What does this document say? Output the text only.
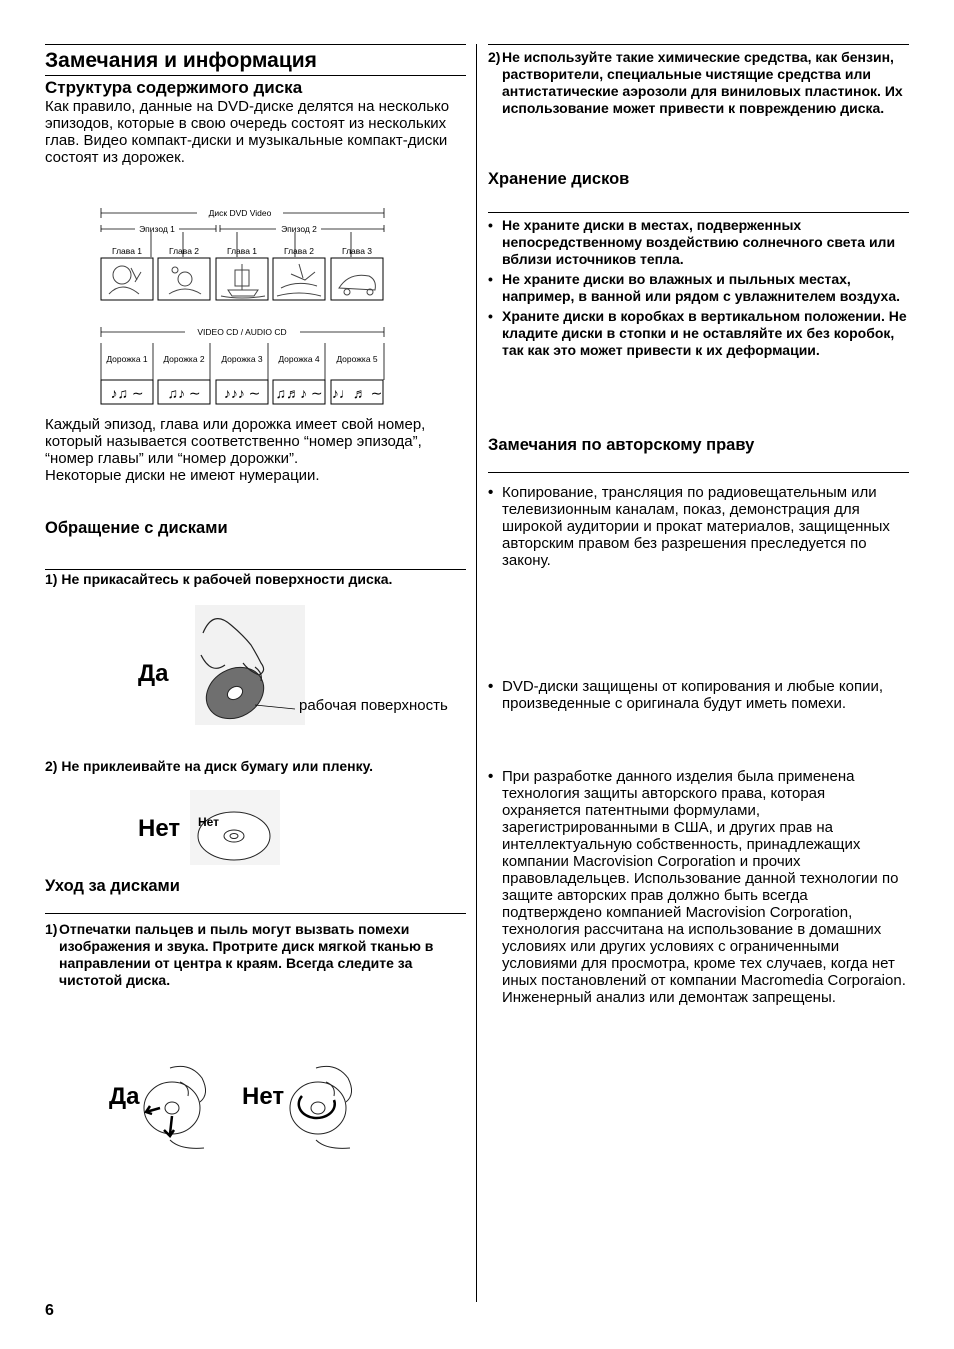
Замечания и информация
Структура содержимого диска
Как правило, данные на DVD-диске делятся на несколько эпизодов, которые в свою очередь состоят из нескольких глав. Видео компакт-диски и музыкальные компакт-диски состоят из дорожек.
Диск DVD Video
Эпизод 1	Эпизод 2
Глава 1	Глава 2	Глава 1	Глава 2	Глава 3
VIDEO CD / AUDIO CD
Дорожка 1 Дорожка 2 Дорожка 3 Дорожка 4 Дорожка 5
♪♫ ∼ ♫♪ ∼ ♪♪♪ ∼ ♫♬♪ ∼ ♪♩♬ ∼
Каждый эпизод, глава или дорожка имеет свой номер, который называется соответственно “номер эпизода”, “номер главы” или “номер дорожки”.
Некоторые диски не имеют нумерации.
Обращение с дисками
1) Не прикасайтесь к рабочей поверхности диска.
Да
рабочая поверхность
2) Не приклеивайте на диск бумагу или пленку.
Нет Нет
Уход за дисками
1) Отпечатки пальцев и пыль могут вызвать помехи изображения и звука. Протрите диск мягкой тканью в направлении от центра к краям. Всегда следите за чистотой диска.
Да	Нет
6
2) Не используйте такие химические средства, как бензин, растворители, специальные чистящие средства или антистатические аэрозоли для виниловых пластинок. Их использование может привести к повреждению диска.
Хранение дисков
• Не храните диски в местах, подверженных непосредственному воздействию солнечного света или вблизи источников тепла.
• Не храните диски во влажных и пыльных местах, например, в ванной или рядом с увлажнителем воздуха.
• Храните диски в коробках в вертикальном положении. Не кладите диски в стопки и не оставляйте их без коробок, так как это может привести к их деформации.
Замечания по авторскому праву
• Копирование, трансляция по радиовещательным или телевизионным каналам, показ, демонстрация для широкой аудитории и прокат материалов, защищенных авторским правом без разрешения преследуется по закону.
• DVD-диски защищены от копирования и любые копии, произведенные с оригинала будут иметь помехи.
• При разработке данного изделия была применена технология защиты авторского права, которая охраняется патентными формулами, зарегистрированными в США, и других прав на интеллектуальную собственность, принадлежащих компании Macrovision Corporation и прочих правовладельцев. Использование данной технологии по защите авторских прав должно быть всегда подтверждено компанией Macrovision Corporation, технология рассчитана на использование в домашних условиях или других условиях с ограниченными условиями для просмотра, кроме тех случаев, когда нет иных постановлений от компании Macromedia Corporaion. Инженерный анализ или демонтаж запрещены.
